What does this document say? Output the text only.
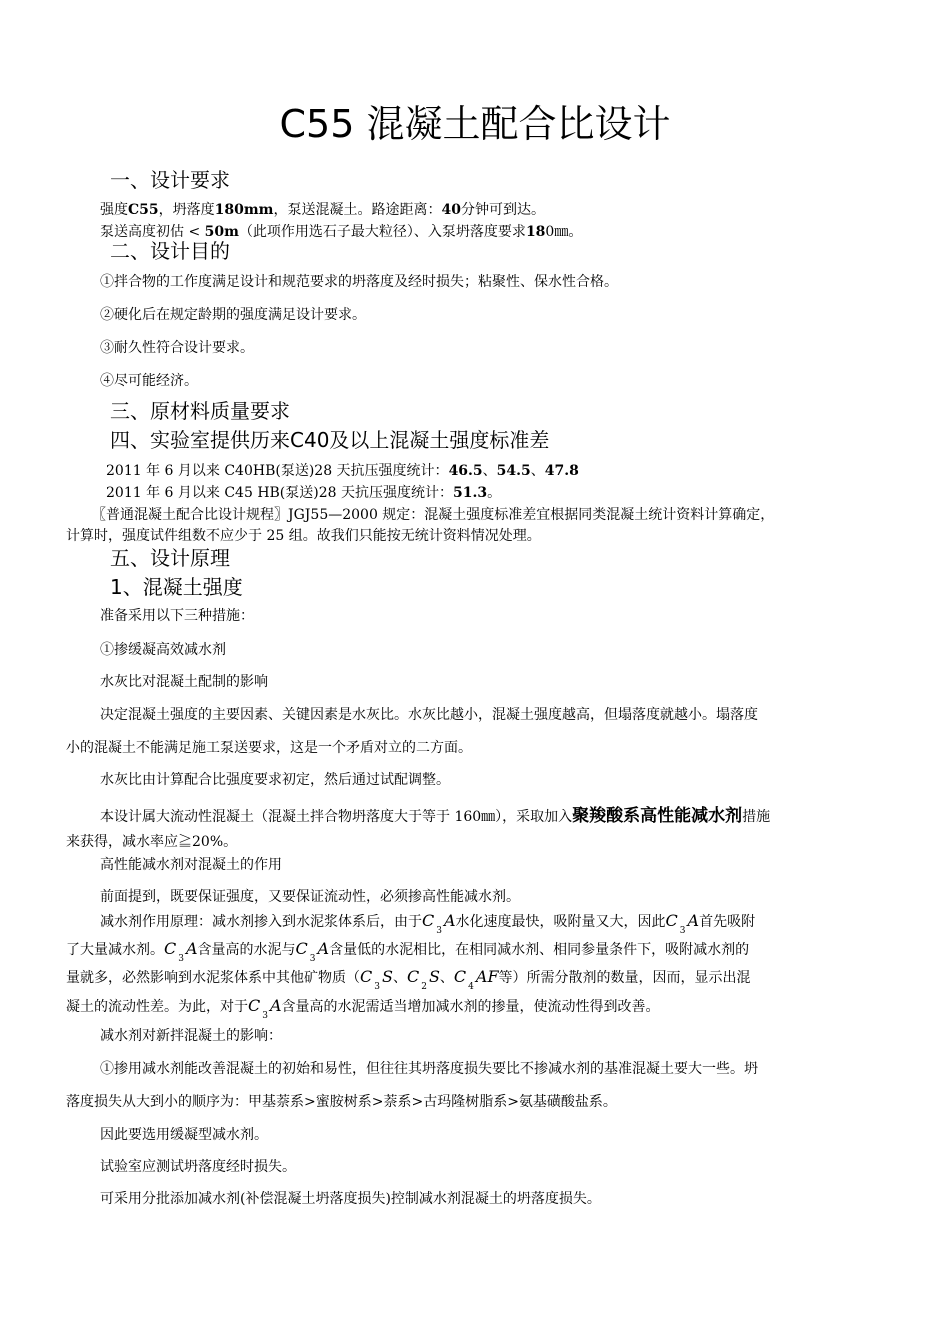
C55 混凝土配合比设计
一、设计要求
强度C55，坍落度180mm，泵送混凝土。路途距离：40分钟可到达。
泵送高度初估 < 50m（此项作用选石子最大粒径）、入泵坍落度要求180㎜。
二、设计目的
①拌合物的工作度满足设计和规范要求的坍落度及经时损失；粘聚性、保水性合格。
②硬化后在规定龄期的强度满足设计要求。
③耐久性符合设计要求。
④尽可能经济。
三、原材料质量要求
四、实验室提供历来C40及以上混凝土强度标准差
2011 年 6 月以来 C40HB(泵送)28 天抗压强度统计：46.5、54.5、47.8
2011 年 6 月以来 C45 HB(泵送)28 天抗压强度统计：51.3。
〖普通混凝土配合比设计规程〗JGJ55—2000 规定：混凝土强度标准差宜根据同类混凝土统计资料计算确定，
计算时，强度试件组数不应少于 25 组。故我们只能按无统计资料情况处理。
五、设计原理
1、混凝土强度
准备采用以下三种措施：
①掺缓凝高效减水剂
水灰比对混凝土配制的影响
决定混凝土强度的主要因素、关键因素是水灰比。水灰比越小，混凝土强度越高，但塌落度就越小。塌落度
小的混凝土不能满足施工泵送要求，这是一个矛盾对立的二方面。
水灰比由计算配合比强度要求初定，然后通过试配调整。
本设计属大流动性混凝土（混凝土拌合物坍落度大于等于 160㎜），采取加入聚羧酸系高性能减水剂措施
来获得，减水率应≧20%。
高性能减水剂对混凝土的作用
前面提到，既要保证强度，又要保证流动性，必须掺高性能减水剂。
减水剂作用原理：减水剂掺入到水泥浆体系后，由于$C_3A$水化速度最快，吸附量又大，因此$C_3A$首先吸附
了大量减水剂。$C_3A$含量高的水泥与$C_3A$含量低的水泥相比，在相同减水剂、相同参量条件下，吸附减水剂的
量就多，必然影响到水泥浆体系中其他矿物质（$C_3S$、$C_2S$、$C_4AF$等）所需分散剂的数量，因而，显示出混
凝土的流动性差。为此，对于$C_3A$含量高的水泥需适当增加减水剂的掺量，使流动性得到改善。
减水剂对新拌混凝土的影响：
①掺用减水剂能改善混凝土的初始和易性，但往往其坍落度损失要比不掺减水剂的基准混凝土要大一些。坍
落度损失从大到小的顺序为：甲基萘系>蜜胺树系>萘系>古玛隆树脂系>氨基磺酸盐系。
因此要选用缓凝型减水剂。
试验室应测试坍落度经时损失。
可采用分批添加减水剂(补偿混凝土坍落度损失)控制减水剂混凝土的坍落度损失。
